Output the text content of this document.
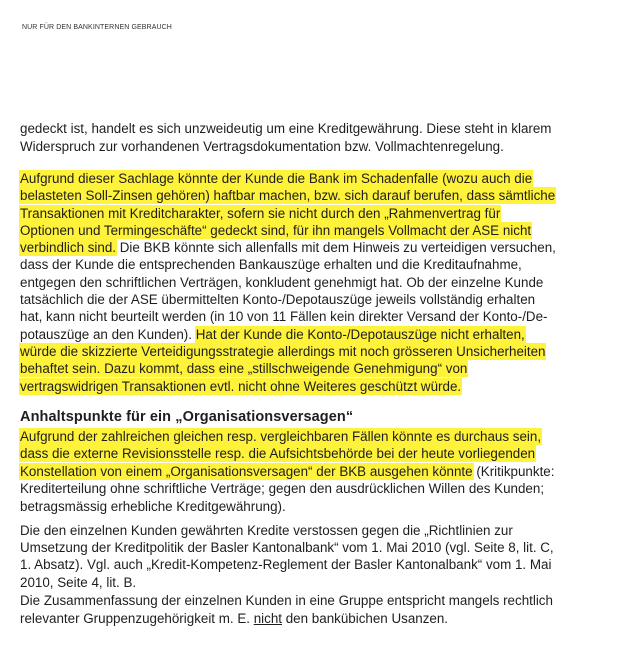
NUR FÜR DEN BANKINTERNEN GEBRAUCH
gedeckt ist, handelt es sich unzweideutig um eine Kreditgewährung. Diese steht in klarem
Widerspruch zur vorhandenen Vertragsdokumentation bzw. Vollmachtenregelung.
Aufgrund dieser Sachlage könnte der Kunde die Bank im Schadenfalle (wozu auch die
belasteten Soll-Zinsen gehören) haftbar machen, bzw. sich darauf berufen, dass sämtliche
Transaktionen mit Kreditcharakter, sofern sie nicht durch den „Rahmenvertrag für
Optionen und Termingeschäfte“ gedeckt sind, für ihn mangels Vollmacht der ASE nicht
verbindlich sind. Die BKB könnte sich allenfalls mit dem Hinweis zu verteidigen versuchen,
dass der Kunde die entsprechenden Bankauszüge erhalten und die Kreditaufnahme,
entgegen den schriftlichen Verträgen, konkludent genehmigt hat. Ob der einzelne Kunde
tatsächlich die der ASE übermittelten Konto-/Depotauszüge jeweils vollständig erhalten
hat, kann nicht beurteilt werden (in 10 von 11 Fällen kein direkter Versand der Konto-/De-
potauszüge an den Kunden). Hat der Kunde die Konto-/Depotauszüge nicht erhalten,
würde die skizzierte Verteidigungsstrategie allerdings mit noch grösseren Unsicherheiten
behaftet sein. Dazu kommt, dass eine „stillschweigende Genehmigung“ von
vertragswidrigen Transaktionen evtl. nicht ohne Weiteres geschützt würde.
Anhaltspunkte für ein „Organisationsversagen“
Aufgrund der zahlreichen gleichen resp. vergleichbaren Fällen könnte es durchaus sein,
dass die externe Revisionsstelle resp. die Aufsichtsbehörde bei der heute vorliegenden
Konstellation von einem „Organisationsversagen“ der BKB ausgehen könnte (Kritikpunkte:
Krediterteilung ohne schriftliche Verträge; gegen den ausdrücklichen Willen des Kunden;
betragsmässig erhebliche Kreditgewährung).
Die den einzelnen Kunden gewährten Kredite verstossen gegen die „Richtlinien zur
Umsetzung der Kreditpolitik der Basler Kantonalbank“ vom 1. Mai 2010 (vgl. Seite 8, lit. C,
1. Absatz). Vgl. auch „Kredit-Kompetenz-Reglement der Basler Kantonalbank“ vom 1. Mai
2010, Seite 4, lit. B.
Die Zusammenfassung der einzelnen Kunden in eine Gruppe entspricht mangels rechtlich
relevanter Gruppenzugehörigkeit m. E. nicht den bankübichen Usanzen.
